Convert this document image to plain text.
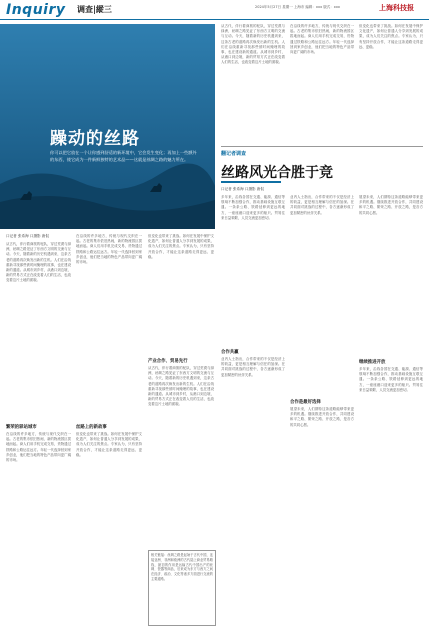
Inquiry 调查|縱三	2024年5月27日 星期一 上海市 编辑：xxx 版式：xxx	上海科技报
躁动的丝路
你可以把它放在一个让你感到舒适的新环境中，它会发生变化；再加上一些额外的东西，使它成为一件新鲜独特的艺术品——这就是丝绸之路的魅力所在。
口记者 张希海 口摄影 唐侃
从古代，伴行着商旅的驼队，穿过荒漠与绿洲，丝绸之路见证了东西方文明的交流与互动。今天，随着新的历史机遇到来，这条古老的道路再次焕发出新的生机。人们在沿线重新寻找那些被时间掩埋的故事，也在建设新的通道。从城市到乡村，从港口到边境，新的贸易方式正在改变着人们的生活，也改变着这片土地的面貌。
繁荣的驿站城市
在沿线的许多地方，传统与现代交织在一起。古老的集市依旧热闹，新的物流园区拔地而起。商人们用手机完成交易，货物通过铁路和公路运往远方。年轻一代选择回到家乡创业，他们把当地的特色产品带向更广阔的市场。
在沿线的许多地方，传统与现代交织在一起。古老的集市依旧热闹，新的物流园区拔地而起。商人们用手机完成交易，货物通过铁路和公路运往远方。年轻一代选择回到家乡创业，他们把当地的特色产品带向更广阔的市场。
丝路上的新故事
但变化也带来了挑战。如何在发展中保护文化遗产，如何让普通人分享到发展的成果，成为人们关注的焦点。专家认为，只有坚持开放合作，才能让这条道路走得更远、更稳。
但变化也带来了挑战。如何在发展中保护文化遗产，如何让普通人分享到发展的成果，成为人们关注的焦点。专家认为，只有坚持开放合作，才能让这条道路走得更远、更稳。
产业合作、贸易先行
从古代，伴行着商旅的驼队，穿过荒漠与绿洲，丝绸之路见证了东西方文明的交流与互动。今天，随着新的历史机遇到来，这条古老的道路再次焕发出新的生机。人们在沿线重新寻找那些被时间掩埋的故事，也在建设新的通道。从城市到乡村，从港口到边境，新的贸易方式正在改变着人们的生活，也改变着这片土地的面貌。
相关链接：丝绸之路是起始于古代中国，连接亚洲、非洲和欧洲的古代陆上商业贸易路线，最初的作用是运输古代中国出产的丝绸、瓷器等商品，后来成为东方与西方之间在经济、政治、文化等诸多方面进行交流的主要道路。
从古代，伴行着商旅的驼队，穿过荒漠与绿洲，丝绸之路见证了东西方文明的交流与互动。今天，随着新的历史机遇到来，这条古老的道路再次焕发出新的生机。人们在沿线重新寻找那些被时间掩埋的故事，也在建设新的通道。从城市到乡村，从港口到边境，新的贸易方式正在改变着人们的生活，也改变着这片土地的面貌。
在沿线的许多地方，传统与现代交织在一起。古老的集市依旧热闹，新的物流园区拔地而起。商人们用手机完成交易，货物通过铁路和公路运往远方。年轻一代选择回到家乡创业，他们把当地的特色产品带向更广阔的市场。
但变化也带来了挑战。如何在发展中保护文化遗产，如何让普通人分享到发展的成果，成为人们关注的焦点。专家认为，只有坚持开放合作，才能让这条道路走得更远、更稳。
翻记者调查
丝路风光合胜于竞
口记者 张希海 口摄影 唐侃
多年来，沿线各国在交通、能源、通信等领域不断加强合作，推动基础设施互联互通。一条条公路、铁路延伸到更远的地方，一座座港口迎来更多的船只。贸易往来日益频繁，人员交流更加密切。
合作共赢
业内人士指出，合作带来的不仅是经济上的收益，更是相互理解与信任的加深。在共同面对挑战的过程中，各方逐渐形成了更加紧密的伙伴关系。
业内人士指出，合作带来的不仅是经济上的收益，更是相互理解与信任的加深。在共同面对挑战的过程中，各方逐渐形成了更加紧密的伙伴关系。
合作是最好选择
展望未来，人们期待这条道路能够带来更多的机遇。继续推进开放合作，共同建设和平之路、繁荣之路、开放之路，是各方的共同心愿。
展望未来，人们期待这条道路能够带来更多的机遇。继续推进开放合作，共同建设和平之路、繁荣之路、开放之路，是各方的共同心愿。
继续推进开放
多年来，沿线各国在交通、能源、通信等领域不断加强合作，推动基础设施互联互通。一条条公路、铁路延伸到更远的地方，一座座港口迎来更多的船只。贸易往来日益频繁，人员交流更加密切。
